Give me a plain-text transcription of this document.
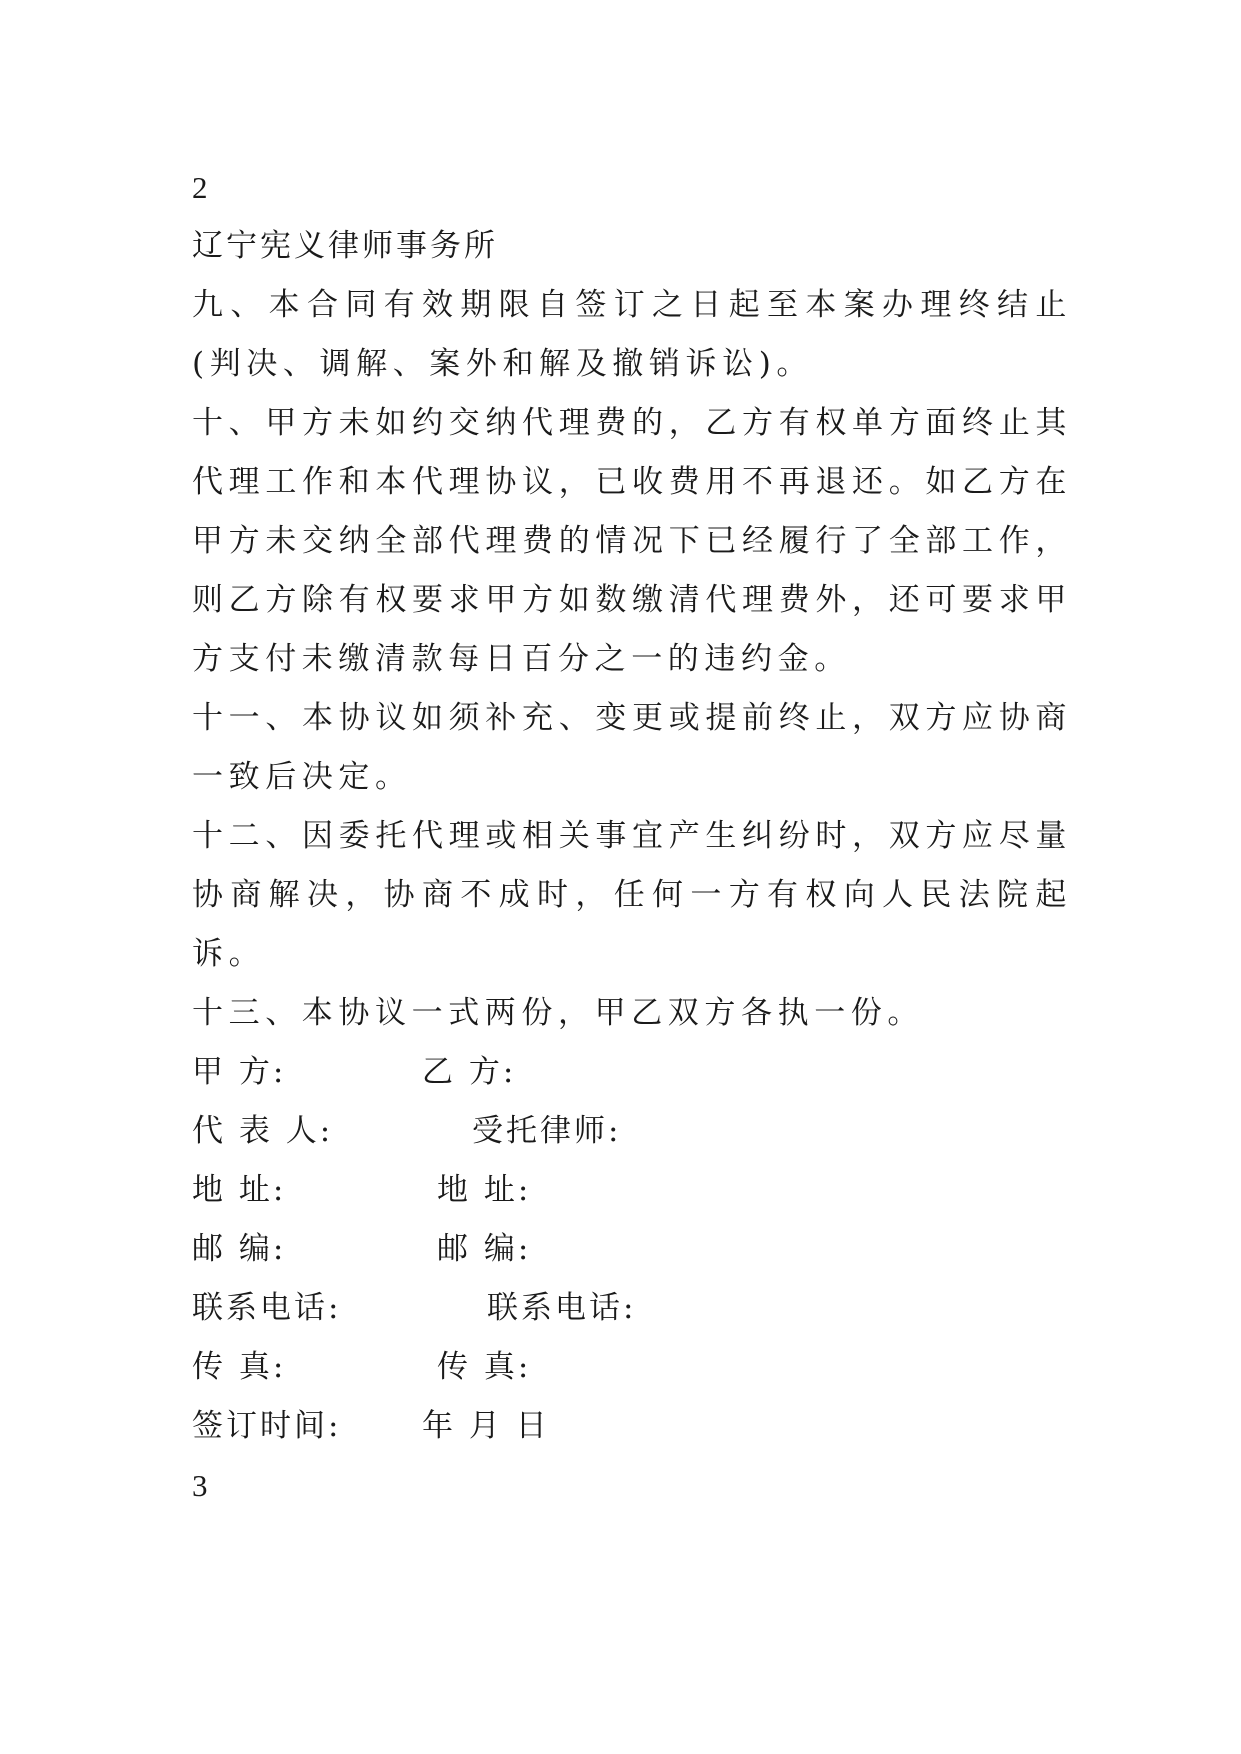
2
辽宁宪义律师事务所
九、本合同有效期限自签订之日起至本案办理终结止(判决、调解、案外和解及撤销诉讼)。
十、甲方未如约交纳代理费的，乙方有权单方面终止其代理工作和本代理协议，已收费用不再退还。如乙方在甲方未交纳全部代理费的情况下已经履行了全部工作，则乙方除有权要求甲方如数缴清代理费外，还可要求甲方支付未缴清款每日百分之一的违约金。
十一、本协议如须补充、变更或提前终止，双方应协商一致后决定。
十二、因委托代理或相关事宜产生纠纷时，双方应尽量协商解决，协商不成时，任何一方有权向人民法院起诉。
十三、本协议一式两份，甲乙双方各执一份。
甲 方:	乙 方:
代 表 人:	受托律师:
地 址:	地 址:
邮 编:	邮 编:
联系电话:	联系电话:
传 真:	传 真:
签订时间:	年 月 日
3
